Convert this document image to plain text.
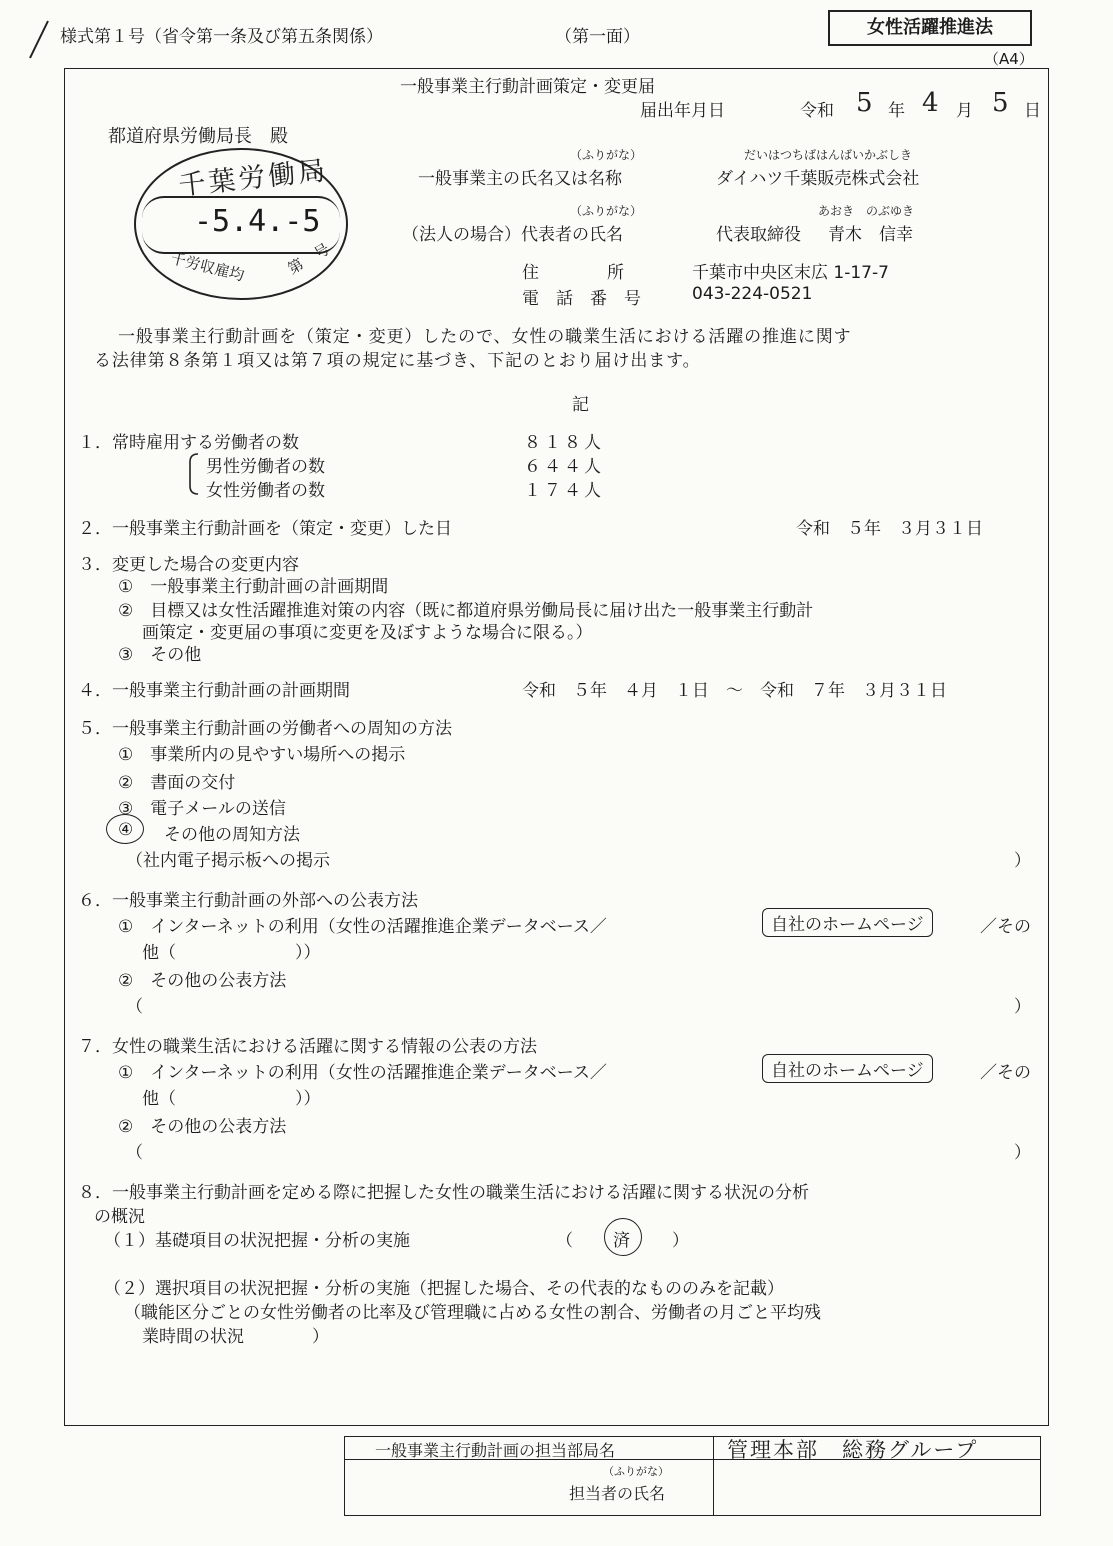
様式第１号（省令第一条及び第五条関係）	（第一面）	女性活躍推進法
（A4）
一般事業主行動計画策定・変更届
届出年月日	令和 5 年 4 月 5 日
都道府県労働局長　殿
千葉労働局
-5.4.-5
千労収雇均	第　号
（ふりがな）	だいはつちばはんばいかぶしき
一般事業主の氏名又は名称	ダイハツ千葉販売株式会社
（ふりがな）	あおき　のぶゆき
（法人の場合）代表者の氏名	代表取締役 青木　信幸
住　　　　所	千葉市中央区末広 1-17-7
電　話　番　号	043-224-0521
一般事業主行動計画を（策定・変更）したので、女性の職業生活における活躍の推進に関す
る法律第８条第１項又は第７項の規定に基づき、下記のとおり届け出ます。
記
１．常時雇用する労働者の数	８１８人
男性労働者の数	６４４人
女性労働者の数	１７４人
２．一般事業主行動計画を（策定・変更）した日	令和　５年　３月３１日
３．変更した場合の変更内容
①　一般事業主行動計画の計画期間
②　目標又は女性活躍推進対策の内容（既に都道府県労働局長に届け出た一般事業主行動計
画策定・変更届の事項に変更を及ぼすような場合に限る。）
③　その他
４．一般事業主行動計画の計画期間	令和　５年　４月　１日　～　令和　７年　３月３１日
５．一般事業主行動計画の労働者への周知の方法
①　事業所内の見やすい場所への掲示
②　書面の交付
③　電子メールの送信
④ その他の周知方法
（社内電子掲示板への掲示	）
６．一般事業主行動計画の外部への公表方法
①　インターネットの利用（女性の活躍推進企業データベース／	自社のホームページ	／その
他（　　　　　　　））
②　その他の公表方法
（	）
７．女性の職業生活における活躍に関する情報の公表の方法
①　インターネットの利用（女性の活躍推進企業データベース／	自社のホームページ	／その
他（　　　　　　　））
②　その他の公表方法
（	）
８．一般事業主行動計画を定める際に把握した女性の職業生活における活躍に関する状況の分析
の概況
（１）基礎項目の状況把握・分析の実施	（ 済 ）
（２）選択項目の状況把握・分析の実施（把握した場合、その代表的なもののみを記載）
（職能区分ごとの女性労働者の比率及び管理職に占める女性の割合、労働者の月ごと平均残
業時間の状況　　　　）
一般事業主行動計画の担当部局名	管理本部　総務グループ
（ふりがな）
担当者の氏名
